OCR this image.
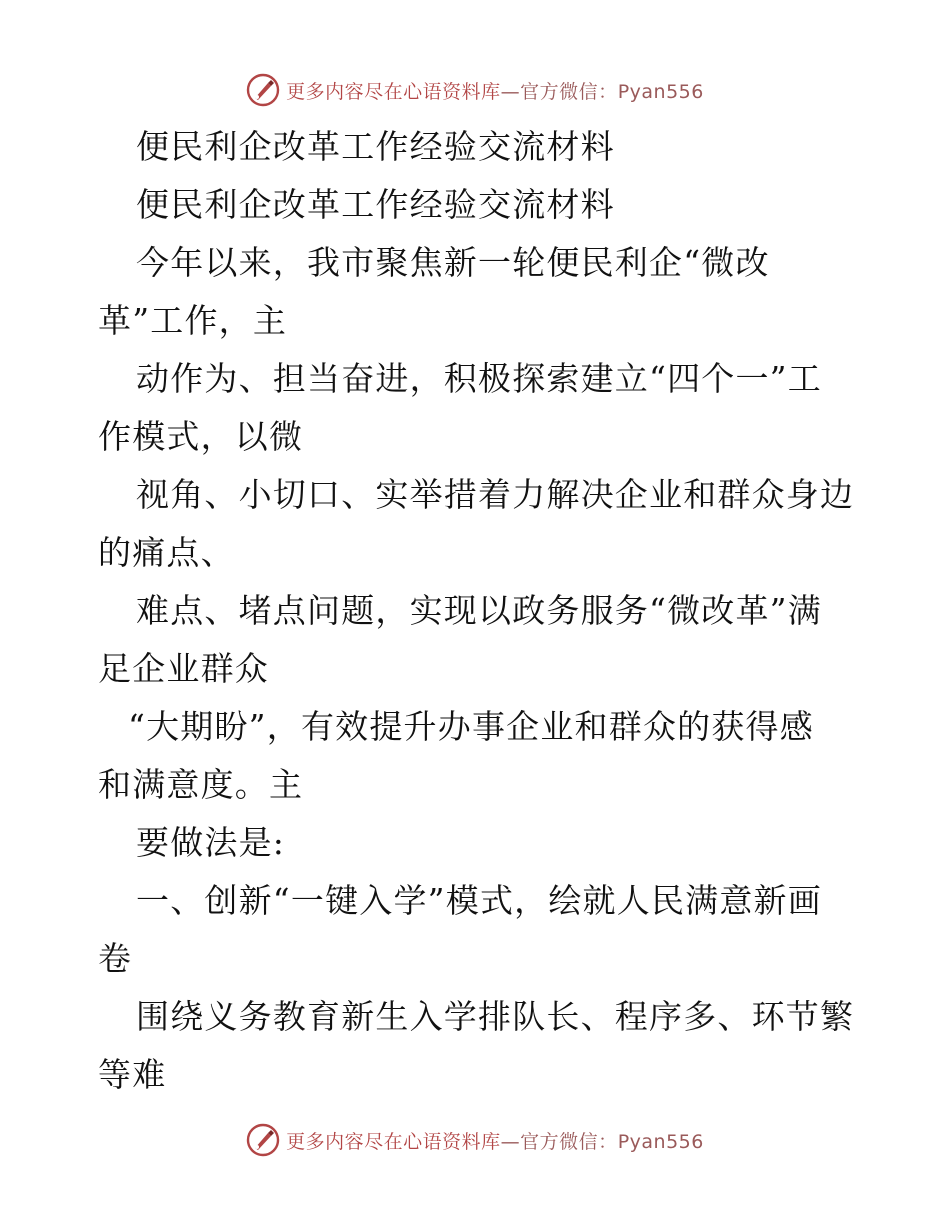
更多内容尽在心语资料库—官方微信：Pyan556
便民利企改革工作经验交流材料
便民利企改革工作经验交流材料
今年以来，我市聚焦新一轮便民利企“微改
革”工作，主
动作为、担当奋进，积极探索建立“四个一”工
作模式，以微
视角、小切口、实举措着力解决企业和群众身边
的痛点、
难点、堵点问题，实现以政务服务“微改革”满
足企业群众
“大期盼”，有效提升办事企业和群众的获得感
和满意度。主
要做法是:
一、创新“一键入学”模式，绘就人民满意新画
卷
围绕义务教育新生入学排队长、程序多、环节繁
等难
更多内容尽在心语资料库—官方微信：Pyan556
